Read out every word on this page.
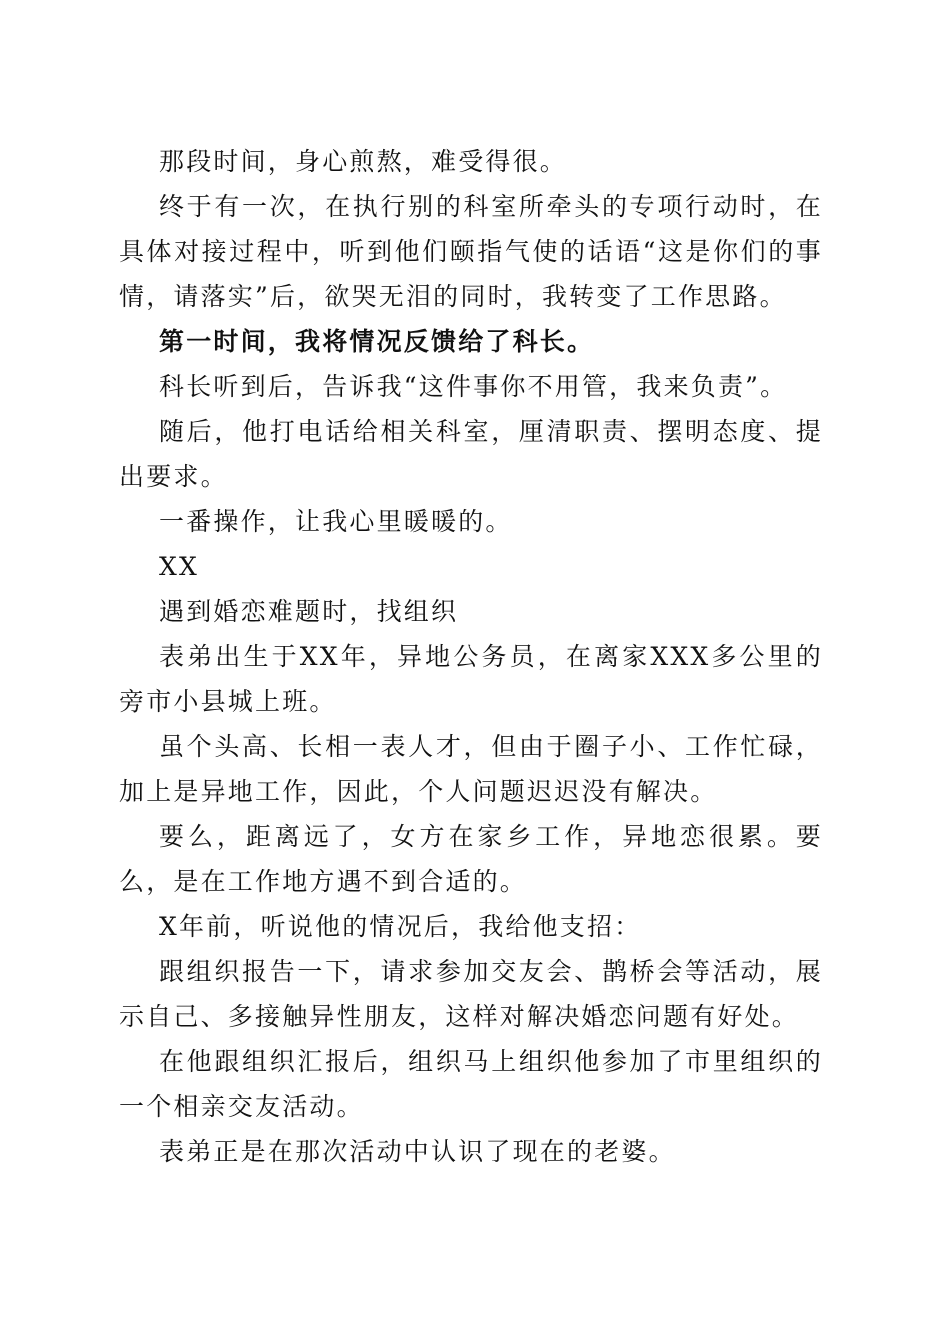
那段时间，身心煎熬，难受得很。

终于有一次，在执行别的科室所牵头的专项行动时，在具体对接过程中，听到他们颐指气使的话语“这是你们的事情，请落实”后，欲哭无泪的同时，我转变了工作思路。

第一时间，我将情况反馈给了科长。

科长听到后，告诉我“这件事你不用管，我来负责”。

随后，他打电话给相关科室，厘清职责、摆明态度、提出要求。

一番操作，让我心里暖暖的。

XX

遇到婚恋难题时，找组织

表弟出生于XX年，异地公务员，在离家XXX多公里的旁市小县城上班。

虽个头高、长相一表人才，但由于圈子小、工作忙碌，加上是异地工作，因此，个人问题迟迟没有解决。

要么，距离远了，女方在家乡工作，异地恋很累。要么，是在工作地方遇不到合适的。

X年前，听说他的情况后，我给他支招：

跟组织报告一下，请求参加交友会、鹊桥会等活动，展示自己、多接触异性朋友，这样对解决婚恋问题有好处。

在他跟组织汇报后，组织马上组织他参加了市里组织的一个相亲交友活动。

表弟正是在那次活动中认识了现在的老婆。
